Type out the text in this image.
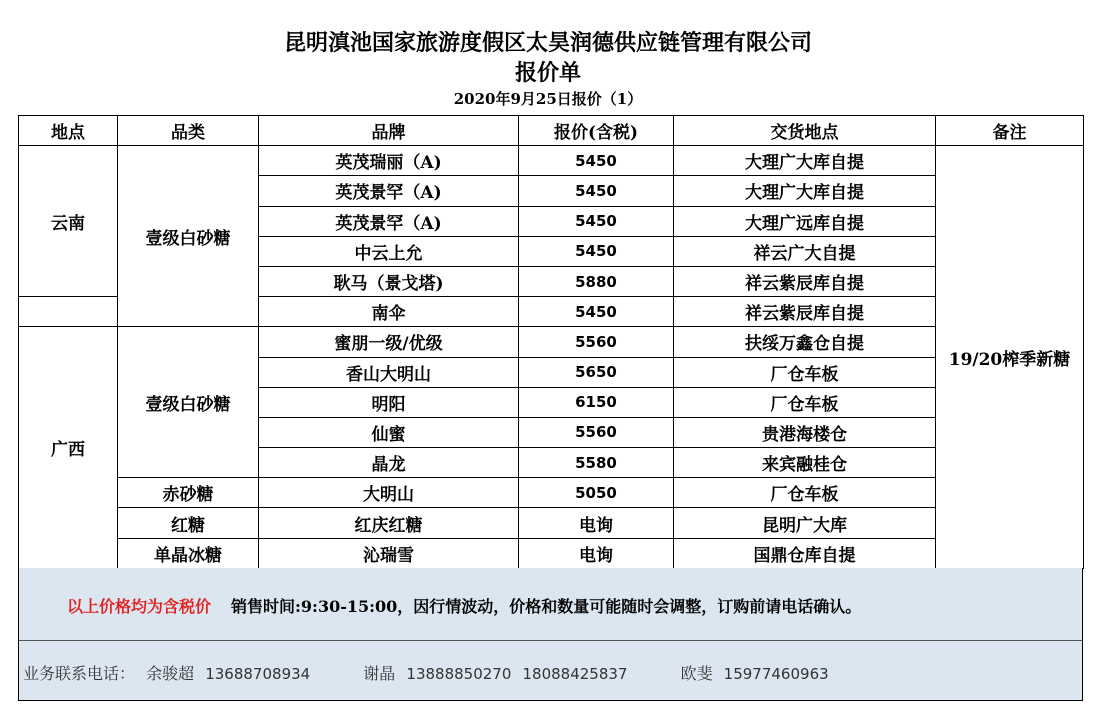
昆明滇池国家旅游度假区太昊润德供应链管理有限公司
报价单
2020年9月25日报价（1）
地点	品类	品牌	报价(含税)	交货地点	备注
云南	壹级白砂糖	英茂瑞丽（A)	5450	大理广大库自提	19/20榨季新糖
		英茂景罕（A)	5450	大理广大库自提	
		英茂景罕（A)	5450	大理广远库自提	
		中云上允	5450	祥云广大自提	
		耿马（景戈塔)	5880	祥云紫辰库自提	
		南伞	5450	祥云紫辰库自提	
广西	壹级白砂糖	蜜朋一级/优级	5560	扶绥万鑫仓自提	
		香山大明山	5650	厂仓车板	
		明阳	6150	厂仓车板	
		仙蜜	5560	贵港海楼仓	
		晶龙	5580	来宾融桂仓	
	赤砂糖	大明山	5050	厂仓车板	
	红糖	红庆红糖	电询	昆明广大库	
	单晶冰糖	沁瑞雪	电询	国鼎仓库自提	
以上价格均为含税价 销售时间:9:30-15:00，因行情波动，价格和数量可能随时会调整，订购前请电话确认。
业务联系电话： 余骏超 13688708934	谢晶 13888850270 18088425837	欧斐 15977460963
